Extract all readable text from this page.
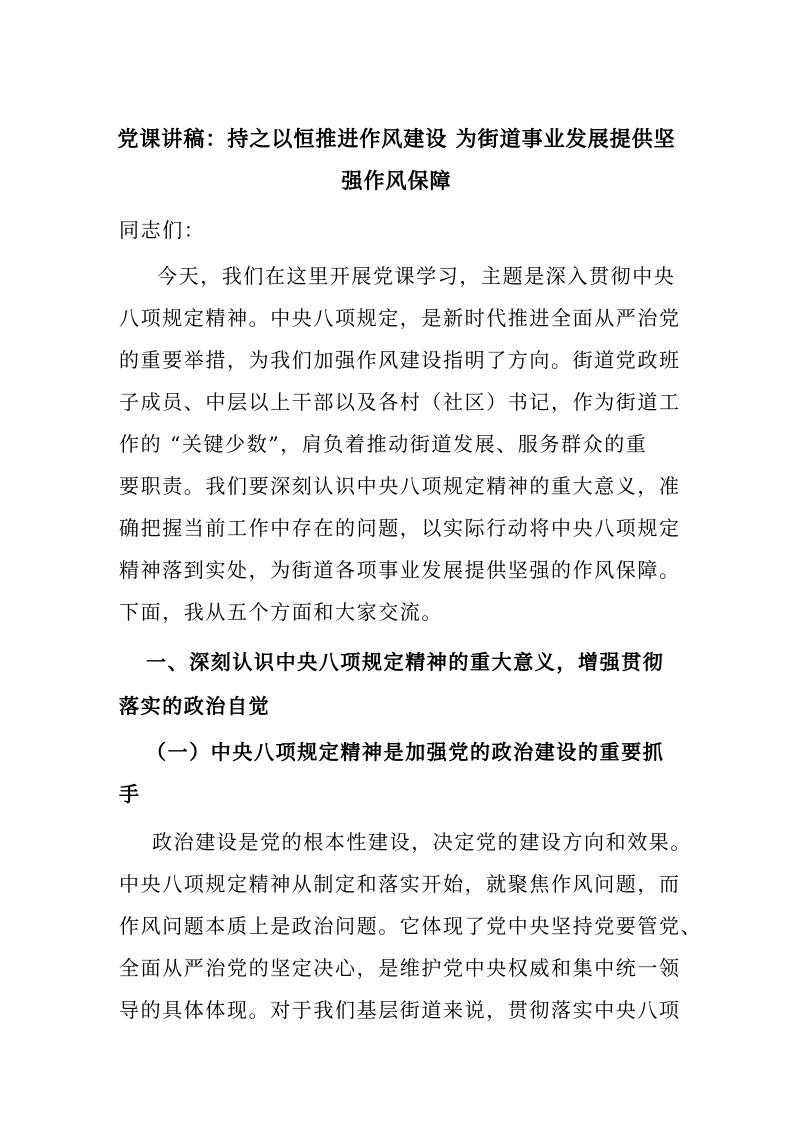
党课讲稿：持之以恒推进作风建设 为街道事业发展提供坚
强作风保障
同志们：
今天，我们在这里开展党课学习，主题是深入贯彻中央
八项规定精神。中央八项规定，是新时代推进全面从严治党
的重要举措，为我们加强作风建设指明了方向。街道党政班
子成员、中层以上干部以及各村（社区）书记，作为街道工
作的 “关键少数”，肩负着推动街道发展、服务群众的重
要职责。我们要深刻认识中央八项规定精神的重大意义，准
确把握当前工作中存在的问题，以实际行动将中央八项规定
精神落到实处，为街道各项事业发展提供坚强的作风保障。
下面，我从五个方面和大家交流。
一、深刻认识中央八项规定精神的重大意义，增强贯彻
落实的政治自觉
（一）中央八项规定精神是加强党的政治建设的重要抓
手
政治建设是党的根本性建设，决定党的建设方向和效果。
中央八项规定精神从制定和落实开始，就聚焦作风问题，而
作风问题本质上是政治问题。它体现了党中央坚持党要管党、
全面从严治党的坚定决心，是维护党中央权威和集中统一领
导的具体体现。对于我们基层街道来说，贯彻落实中央八项
